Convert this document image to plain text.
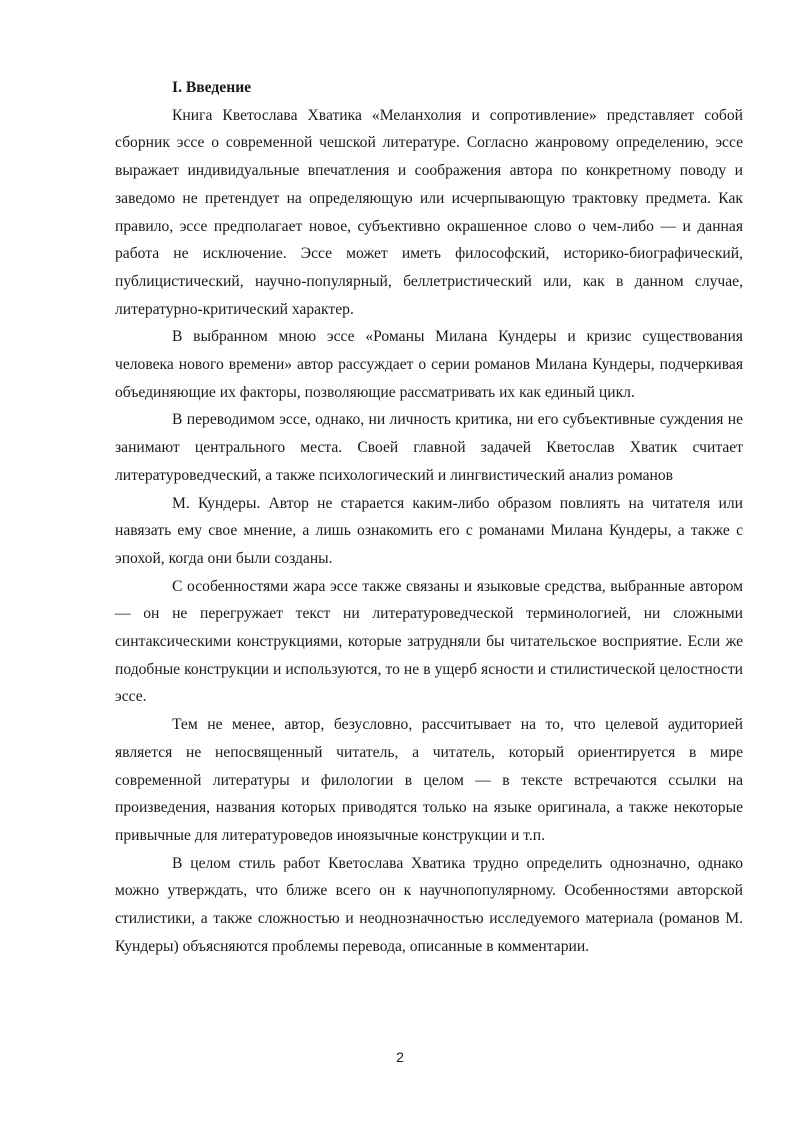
I. Введение

Книга Кветослава Хватика «Меланхолия и сопротивление» представляет собой сборник эссе о современной чешской литературе. Согласно жанровому определению, эссе выражает индивидуальные впечатления и соображения автора по конкретному поводу и заведомо не претендует на определяющую или исчерпывающую трактовку предмета. Как правило, эссе предполагает новое, субъективно окрашенное слово о чем-либо — и данная работа не исключение. Эссе может иметь философский, историко-биографический, публицистический, научно-популярный, беллетристический или, как в данном случае, литературно-критический характер.

В выбранном мною эссе «Романы Милана Кундеры и кризис существования человека нового времени» автор рассуждает о серии романов Милана Кундеры, подчеркивая объединяющие их факторы, позволяющие рассматривать их как единый цикл.

В переводимом эссе, однако, ни личность критика, ни его субъективные суждения не занимают центрального места. Своей главной задачей Кветослав Хватик считает литературоведческий, а также психологический и лингвистический анализ романов

М. Кундеры. Автор не старается каким-либо образом повлиять на читателя или навязать ему свое мнение, а лишь ознакомить его с романами Милана Кундеры, а также с эпохой, когда они были созданы.

С особенностями жара эссе также связаны и языковые средства, выбранные автором — он не перегружает текст ни литературоведческой терминологией, ни сложными синтаксическими конструкциями, которые затрудняли бы читательское восприятие. Если же подобные конструкции и используются, то не в ущерб ясности и стилистической целостности эссе.

Тем не менее, автор, безусловно, рассчитывает на то, что целевой аудиторией является не непосвященный читатель, а читатель, который ориентируется в мире современной литературы и филологии в целом — в тексте встречаются ссылки на произведения, названия которых приводятся только на языке оригинала, а также некоторые привычные для литературоведов иноязычные конструкции и т.п.

В целом стиль работ Кветослава Хватика трудно определить однозначно, однако можно утверждать, что ближе всего он к научнопопулярному. Особенностями авторской стилистики, а также сложностью и неоднозначностью исследуемого материала (романов М. Кундеры) объясняются проблемы перевода, описанные в комментарии.

2
